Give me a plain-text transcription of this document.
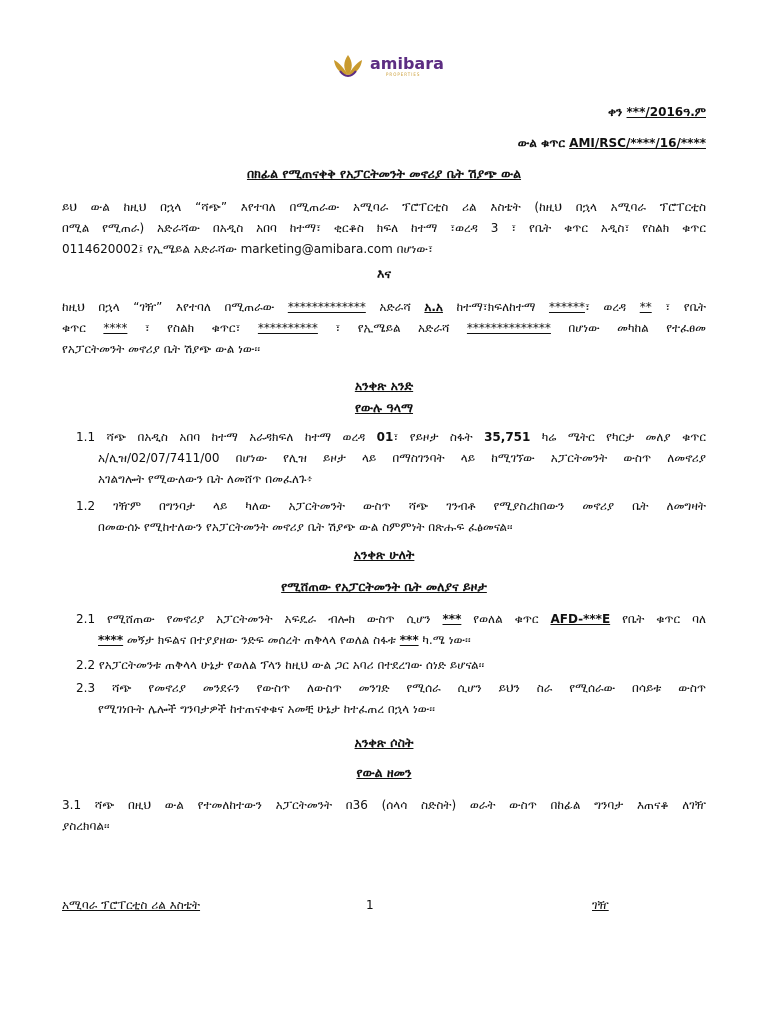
amibara
PROPERTIES
ቀን ***/2016ዓ.ም
ውል ቁጥር AMI/RSC/****/16/****
በክፊል የሚጠናቀቅ የአፓርትመንት መኖሪያ ቤት ሽያጭ ውል
ይህ ውል ከዚህ በኋላ “ሻጭ” እየተባለ በሚጠራው አሚባራ ፕሮፐርቲስ ሪል እስቴት (ከዚህ በኋላ አሚባራ ፕሮፐርቲስ
በሚል የሚጠራ) አድራሻው በአዲስ አበባ ከተማ፣ ቂርቆስ ክፍለ ከተማ ፣ወረዳ 3 ፣ የቤት ቁጥር አዲስ፣ የስልክ ቁጥር
0114620002፤ የኢሜይል አድራሻው marketing@amibara.com በሆነው፣
እና
ከዚህ በኋላ “ገዥ” እየተባለ በሚጠራው ************* አድራሻ አ.አ ከተማ፣ክፍለከተማ ******፣ ወረዳ ** ፣ የቤት
ቁጥር **** ፣ የስልክ ቁጥር፣ ********** ፣ የኢሜይል አድራሻ ************** በሆነው መካከል የተፈፀመ
የአፓርትመንት መኖሪያ ቤት ሽያጭ ውል ነው፡፡
አንቀጽ አንድ
የውሉ ዓላማ
1.1 ሻጭ በአዲስ አበባ ከተማ አራዳክፍለ ከተማ ወረዳ 01፣ የይዞታ ስፋት 35,751 ካሬ ሜትር የካርታ መለያ ቁጥር
አ/ሊዝ/02/07/7411/00 በሆነው የሊዝ ይዞታ ላይ በማስገንባት ላይ ከሚገኘው አፓርትመንት ውስጥ ለመኖሪያ
አገልግሎት የሚውለውን ቤት ለመሸጥ በመፈለጉ፥
1.2 ገዥም በግንባታ ላይ ካለው አፓርትመንት ውስጥ ሻጭ ገንብቶ የሚያስረክበውን መኖሪያ ቤት ለመግዛት
በመውሰኑ የሚከተለውን የአፓርትመንት መኖሪያ ቤት ሽያጭ ውል ስምምነት በጽሑፍ ፈፅመናል፡፡
አንቀጽ ሁለት
የሚሸጠው የአፓርትመንት ቤት መለያና ይዞታ
2.1 የሚሸጠው የመኖሪያ አፓርትመንት አፍዴራ ብሎክ ውስጥ ሲሆን *** የወለል ቁጥር AFD-***E የቤት ቁጥር ባለ
**** መኝታ ክፍልና በተያያዘው ንድፍ መሰረት ጠቅላላ የወለል ስፋቱ *** ካ.ሜ ነው፡፡
2.2 የአፓርትመንቱ ጠቅላላ ሁኔታ የወለል ፕላን ከዚህ ውል ጋር አባሪ በተደረገው ሰነድ ይሆናል፡፡
2.3 ሻጭ የመኖሪያ መንደሩን የውስጥ ለውስጥ መንገድ የሚሰራ ሲሆን ይህን ስራ የሚሰራው በሳይቱ ውስጥ
የሚገነቡት ሌሎች ግንባታዎች ከተጠናቀቁና አመቺ ሁኔታ ከተፈጠረ በኋላ ነው፡፡
አንቀጽ ሶስት
የውል ዘመን
3.1 ሻጭ በዚህ ውል የተመለከተውን አፓርትመንት በ36 (ሰላሳ ስድስት) ወራት ውስጥ በከፊል ግንባታ እጠናቆ ለገዥ
ያስረክባል፡፡
አሚባራ ፕሮፐርቲስ ሪል እስቴት	1	ገዥ
